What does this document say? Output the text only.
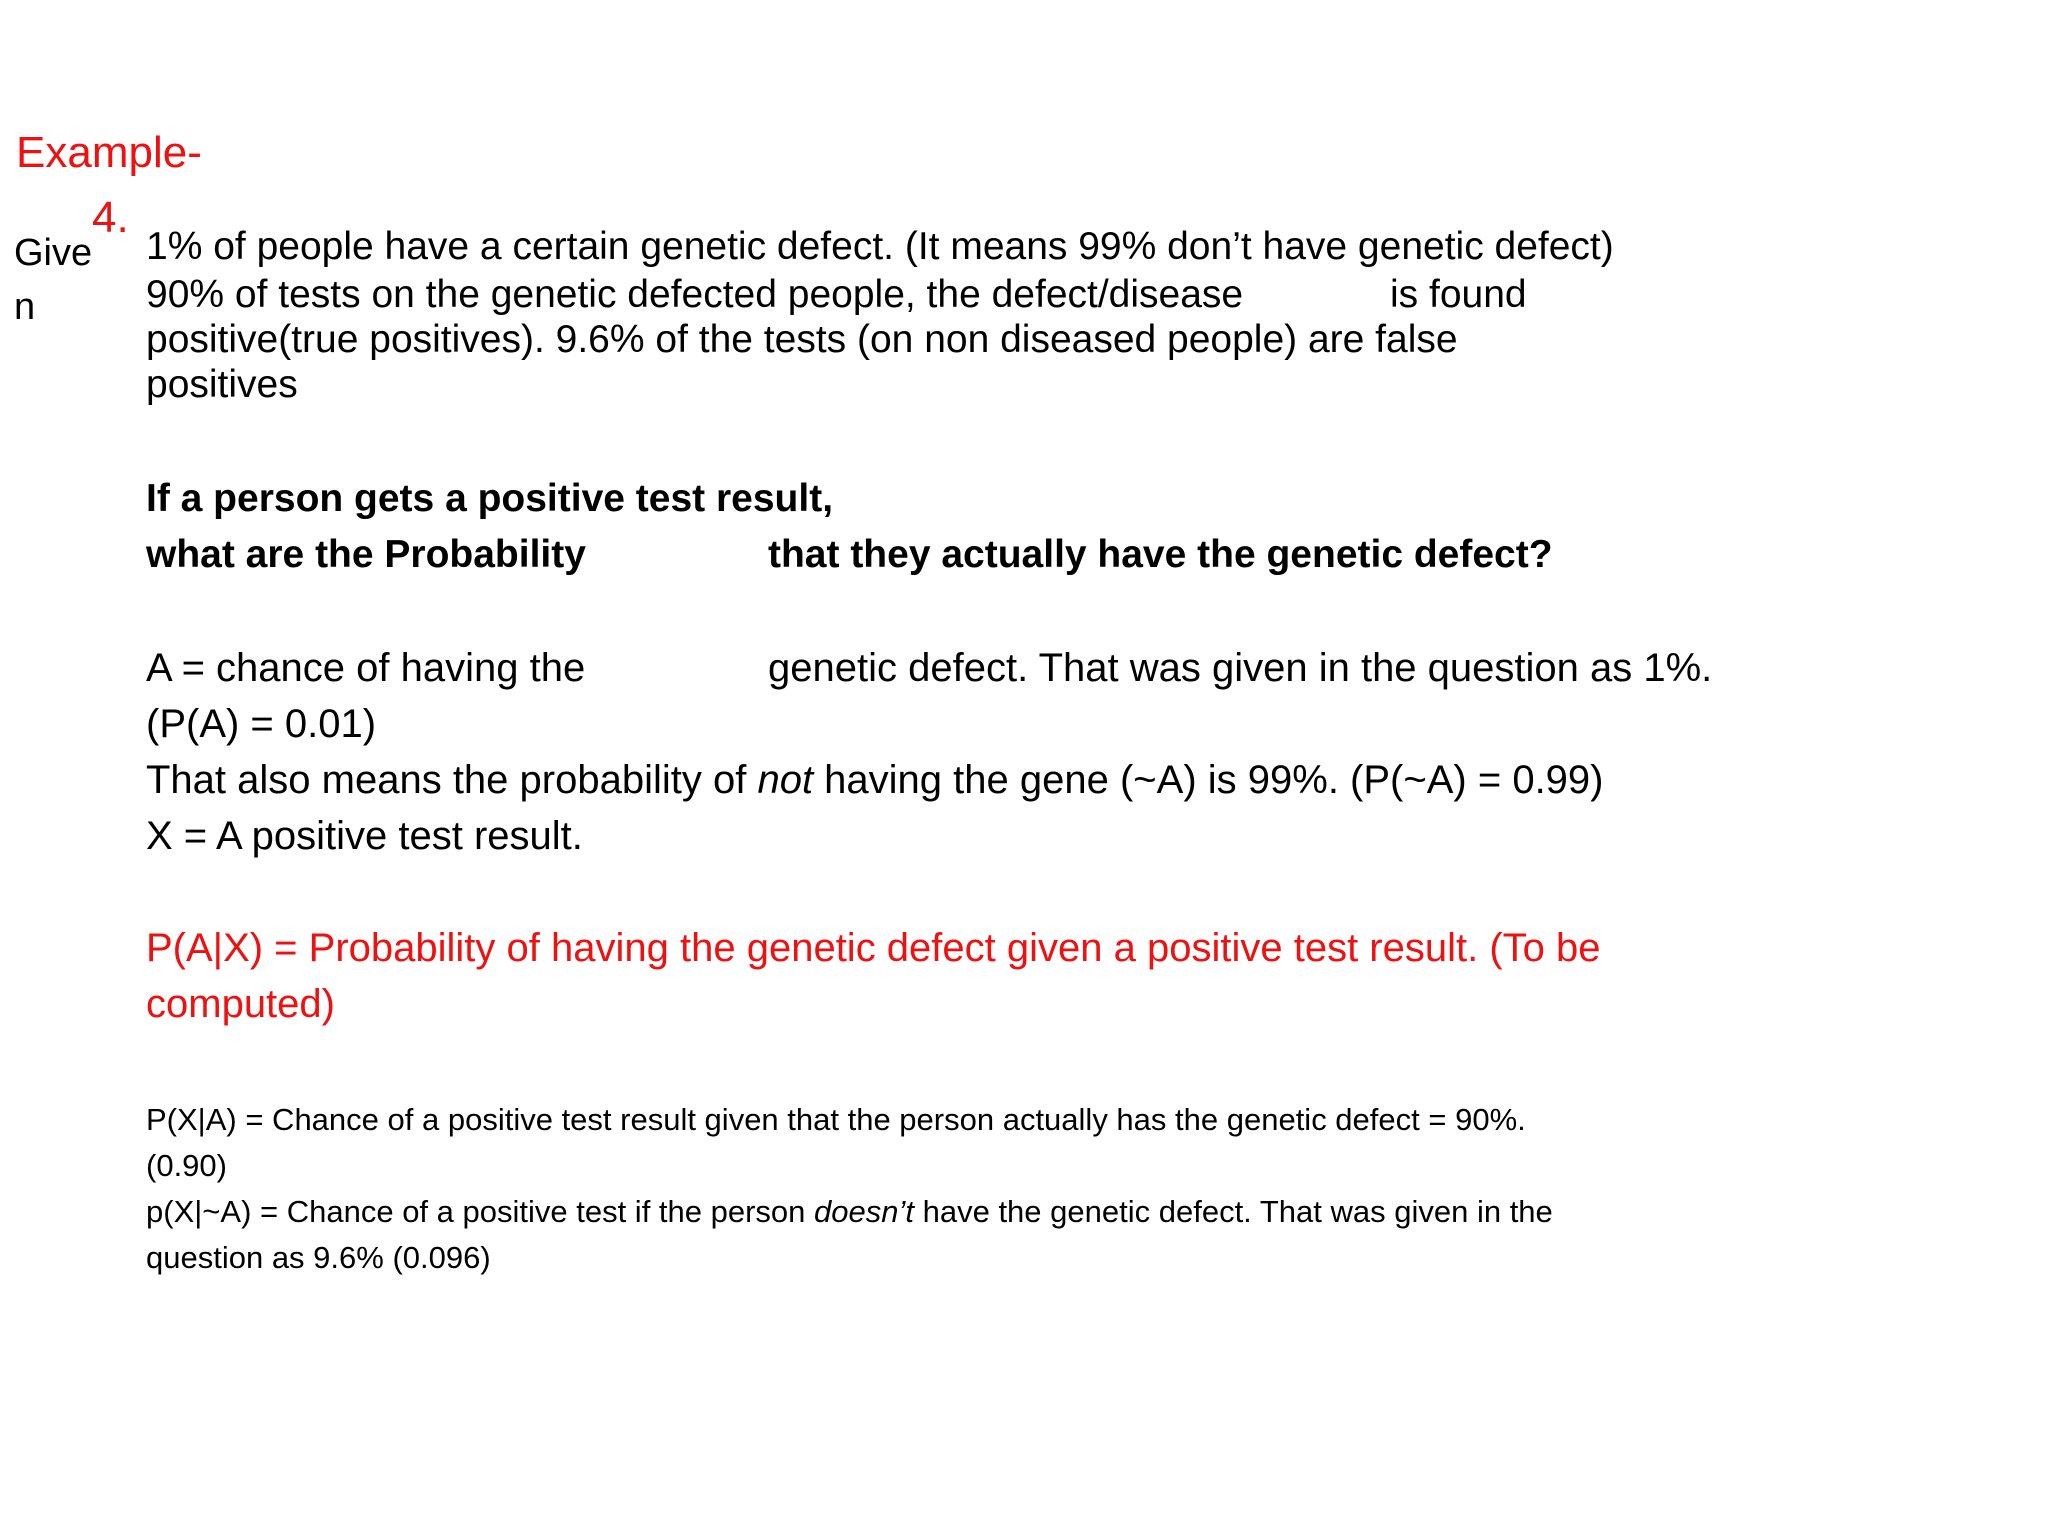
Example-
4.
Give
n
1% of people have a certain genetic defect. (It means 99% don’t have genetic defect)
90% of tests on the genetic defected people, the defect/disease	is found
positive(true positives). 9.6% of the tests (on non diseased people) are false
positives
If a person gets a positive test result,
what are the Probability	that they actually have the genetic defect?
A = chance of having the	genetic defect. That was given in the question as 1%.
(P(A) = 0.01)
That also means the probability of not having the gene (~A) is 99%. (P(~A) = 0.99)
X = A positive test result.
P(A|X) = Probability of having the genetic defect given a positive test result. (To be
computed)
P(X|A) = Chance of a positive test result given that the person actually has the genetic defect = 90%.
(0.90)
p(X|~A) = Chance of a positive test if the person doesn’t have the genetic defect. That was given in the
question as 9.6% (0.096)
